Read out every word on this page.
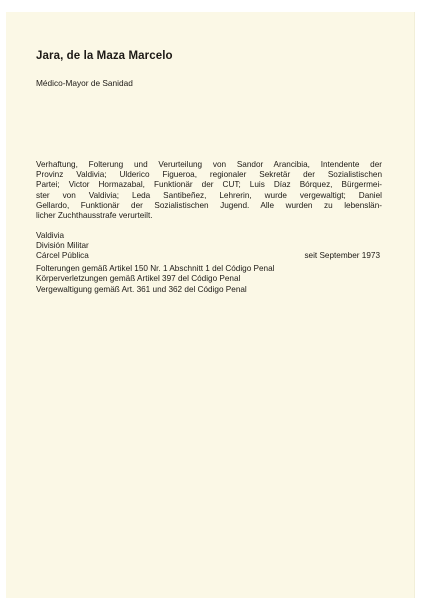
Jara, de la Maza Marcelo
Médico-Mayor de Sanidad
Verhaftung, Folterung und Verurteilung von Sandor Arancibia, Intendente der
Provinz Valdivia; Ulderico Figueroa, regionaler Sekretär der Sozialistischen
Partei; Victor Hormazabal, Funktionär der CUT; Luis Díaz Bórquez, Bürgermei-
ster von Valdivia; Leda Santibeñez, Lehrerin, wurde vergewaltigt; Daniel
Gellardo, Funktionär der Sozialistischen Jugend. Alle wurden zu lebenslän-
licher Zuchthausstrafe verurteilt.
Valdivia
División Militar
Cárcel Pública	seit September 1973
Folterungen gemäß Artikel 150 Nr. 1 Abschnitt 1 del Código Penal
Körperverletzungen gemäß Artikel 397 del Código Penal
Vergewaltigung gemäß Art. 361 und 362 del Código Penal
